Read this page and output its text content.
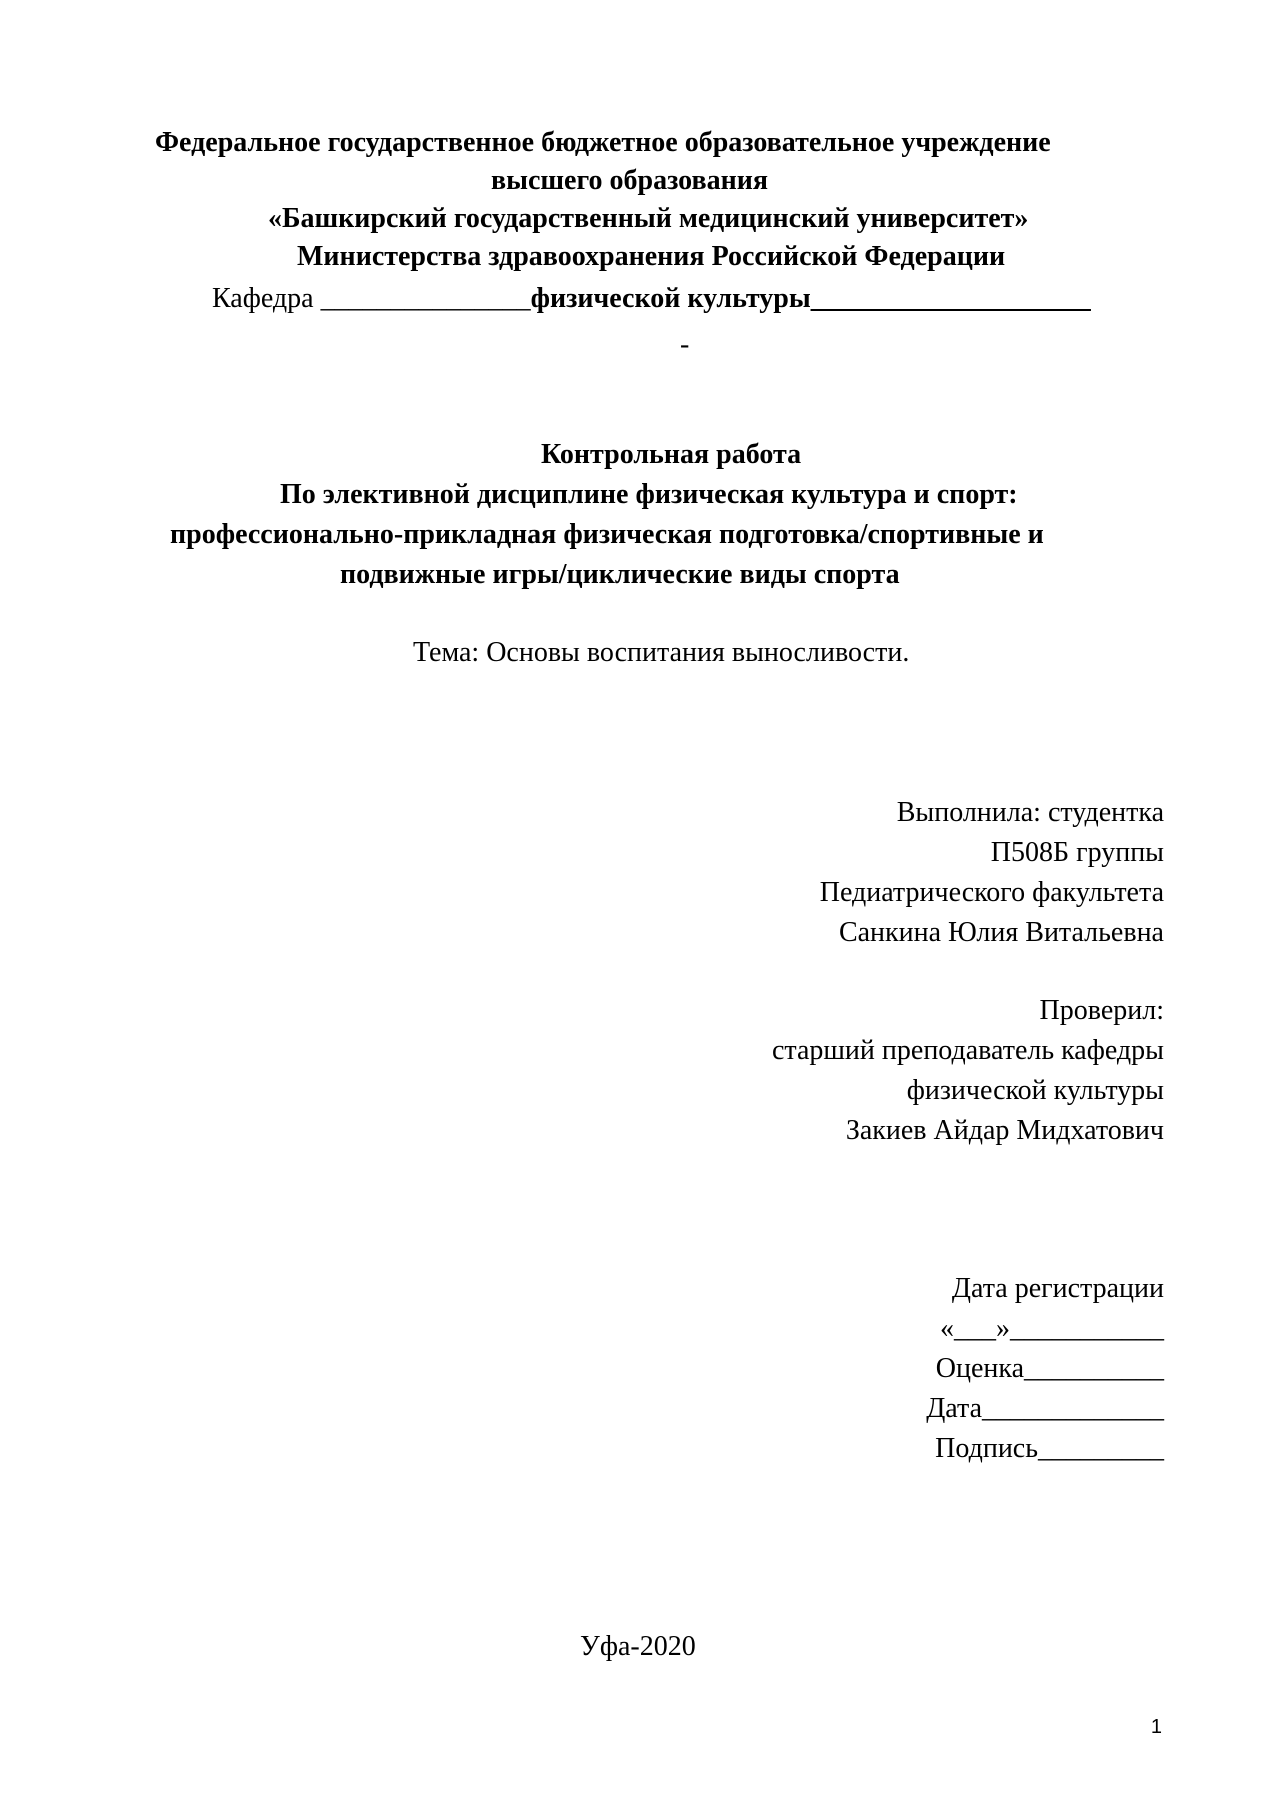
Федеральное государственное бюджетное образовательное учреждение
высшего образования
«Башкирский государственный медицинский университет»
Министерства здравоохранения Российской Федерации
Кафедра _______________физической культуры____________________
-
Контрольная работа
По элективной дисциплине физическая культура и спорт:
профессионально-прикладная физическая подготовка/спортивные и
подвижные игры/циклические виды спорта
Тема: Основы воспитания выносливости.
Выполнила: студентка
П508Б группы
Педиатрического факультета
Санкина Юлия Витальевна
Проверил:
старший преподаватель кафедры
физической культуры
Закиев Айдар Мидхатович
Дата регистрации
«___»___________
Оценка__________
Дата_____________
Подпись_________
Уфа-2020
1
